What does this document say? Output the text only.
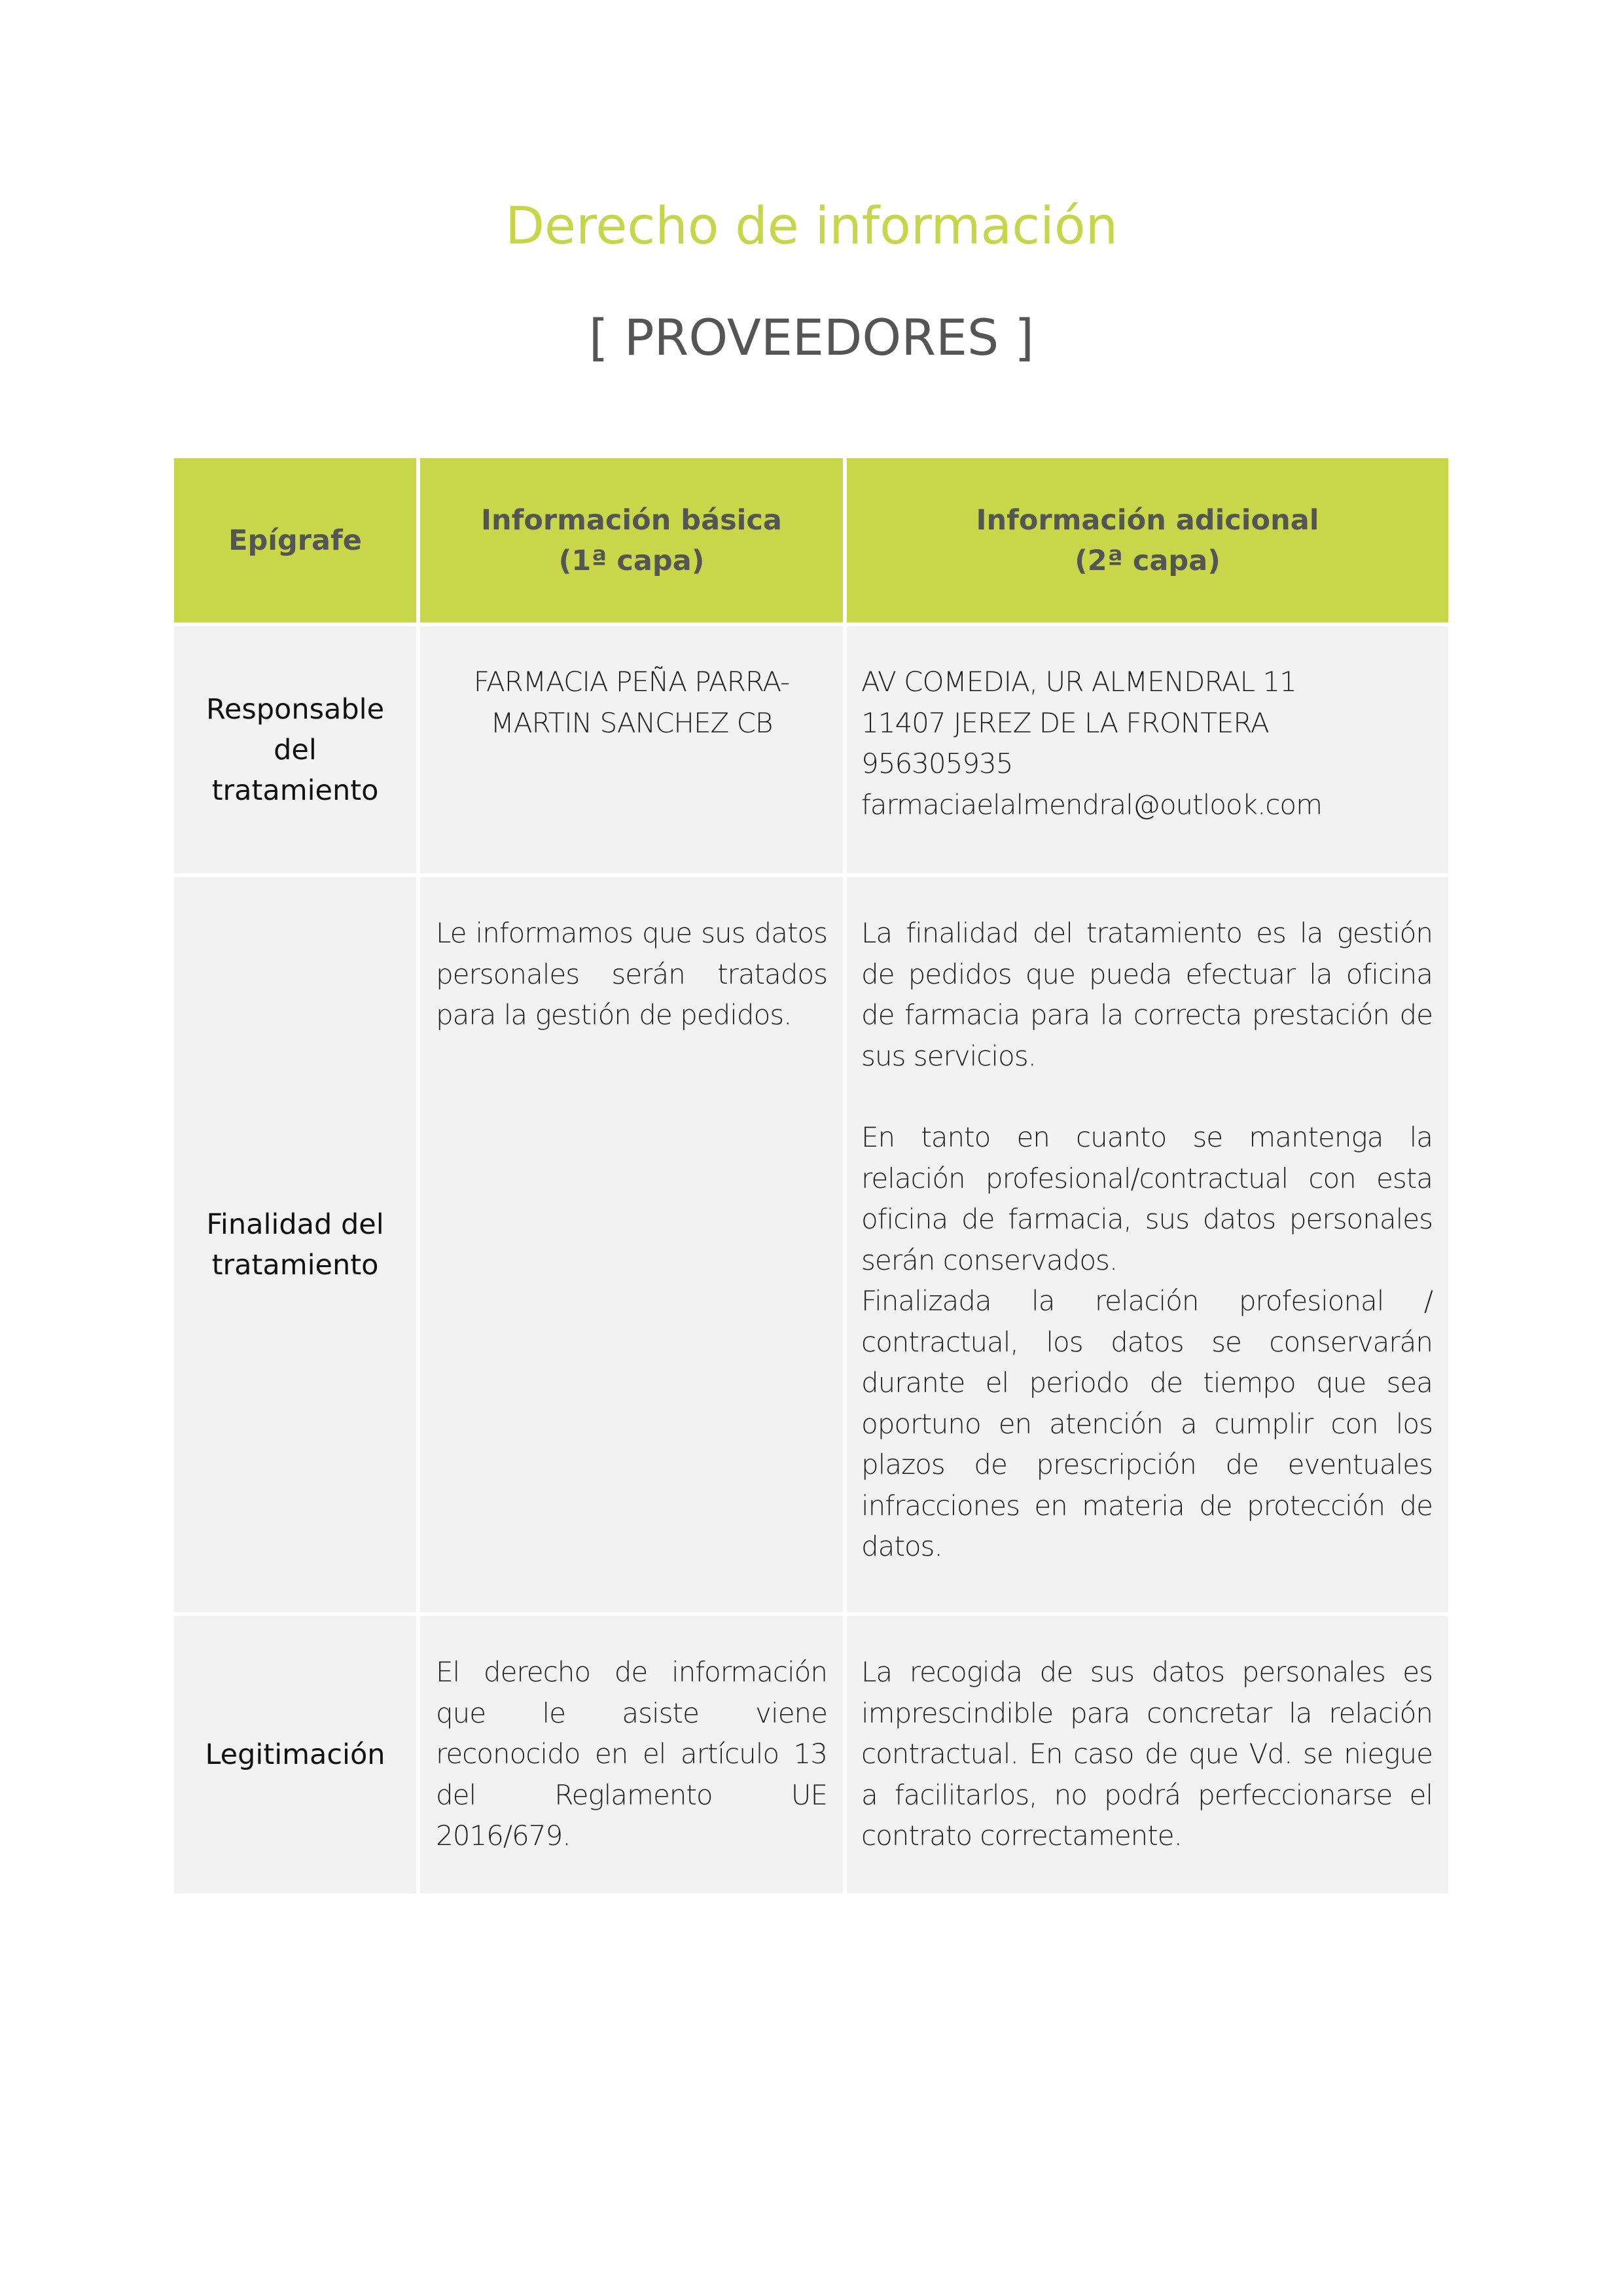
Derecho de información
[ PROVEEDORES ]
Epígrafe
Información básica
(1ª capa)
Información adicional
(2ª capa)
Responsable
del
tratamiento
FARMACIA PEÑA PARRA-
MARTIN SANCHEZ CB
AV COMEDIA, UR ALMENDRAL 11
11407 JEREZ DE LA FRONTERA
956305935
farmaciaelalmendral@outlook.com
Finalidad del
tratamiento

Le informamos que sus datos personales serán tratados para la gestión de pedidos.

La finalidad del tratamiento es la gestión de pedidos que pueda efectuar la oficina de farmacia para la correcta prestación de sus servicios.

En tanto en cuanto se mantenga la relación profesional/contractual con esta oficina de farmacia, sus datos personales serán conservados.

Finalizada la relación profesional / contractual, los datos se conservarán durante el periodo de tiempo que sea oportuno en atención a cumplir con los plazos de prescripción de eventuales infracciones en materia de protección de datos.

Legitimación

El derecho de información que le asiste viene reconocido en el artículo 13 del Reglamento UE 2016/679.

La recogida de sus datos personales es imprescindible para concretar la relación contractual. En caso de que Vd. se niegue a facilitarlos, no podrá perfeccionarse el contrato correctamente.
